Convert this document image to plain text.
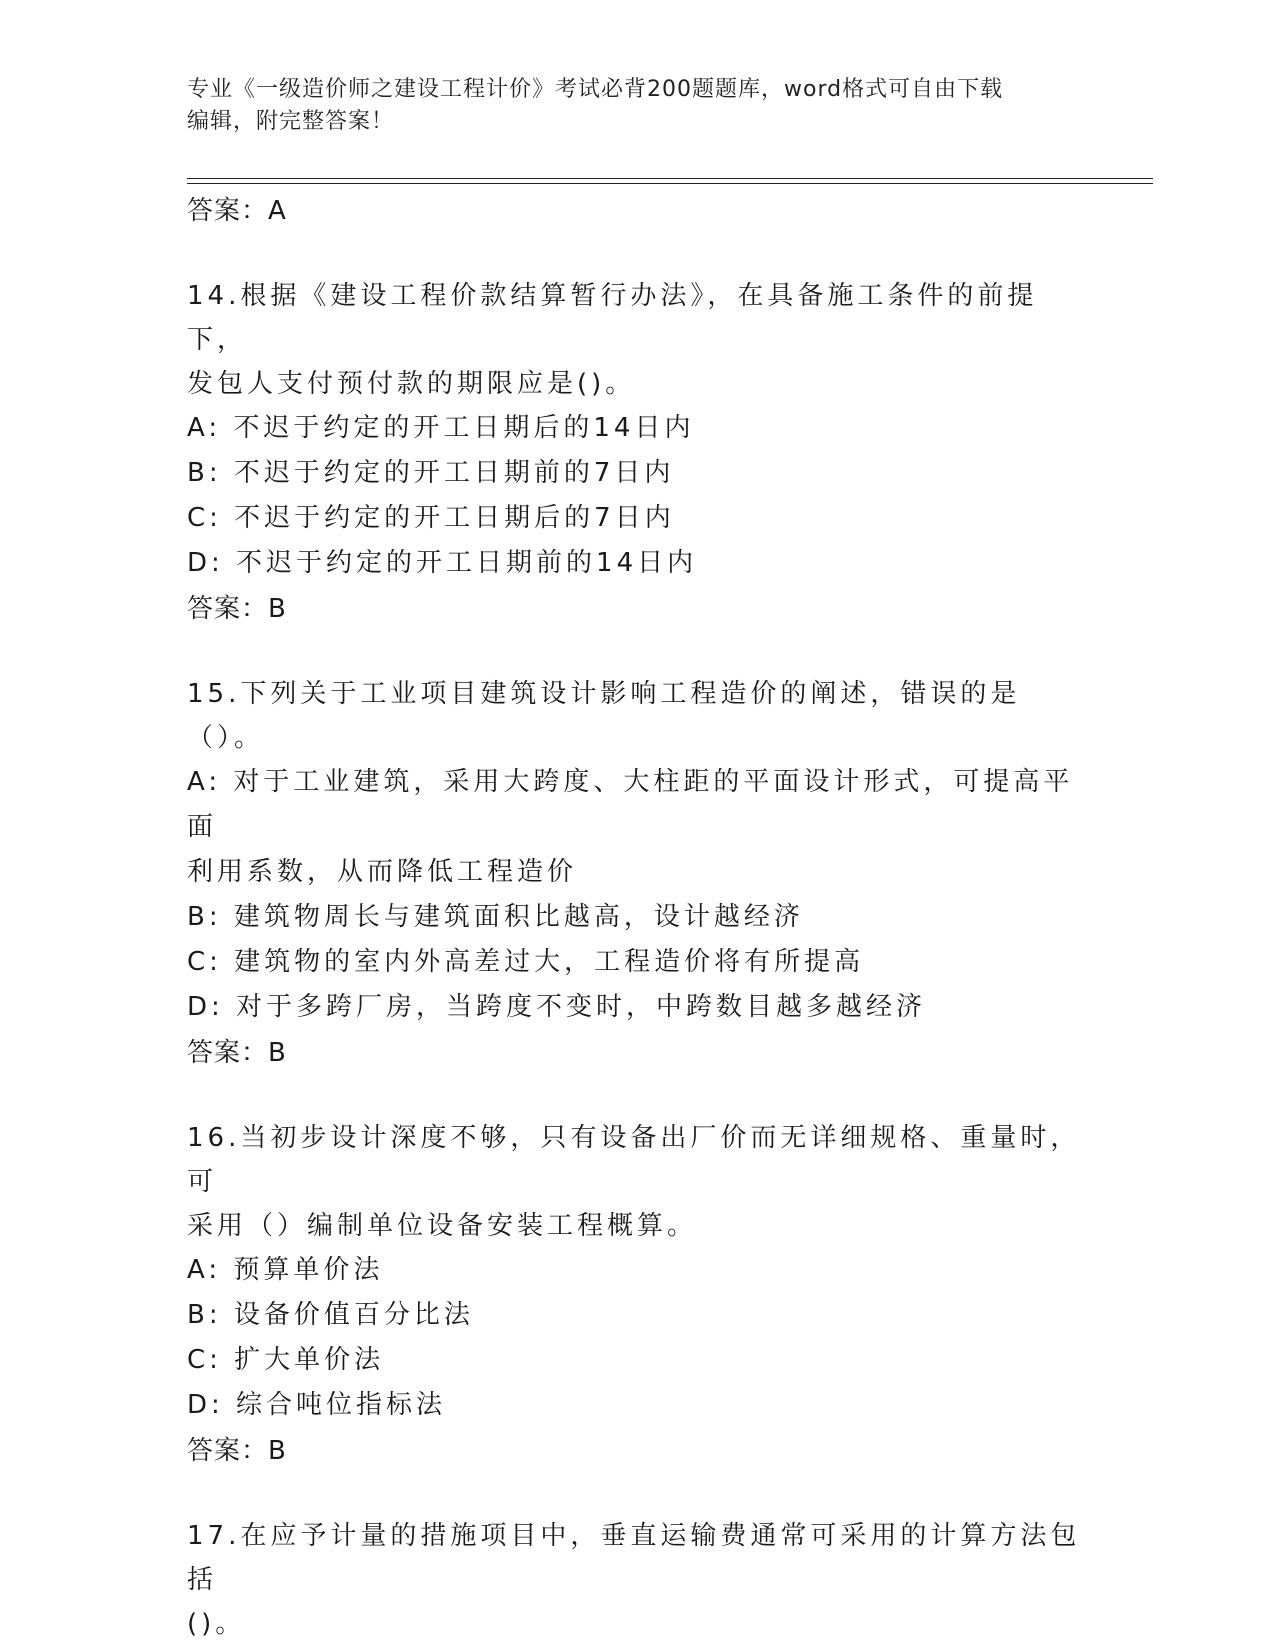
专业《一级造价师之建设工程计价》考试必背200题题库，word格式可自由下载
编辑，附完整答案！

答案：A

14.根据《建设工程价款结算暂行办法》，在具备施工条件的前提下，

发包人支付预付款的期限应是()。

A: 不迟于约定的开工日期后的14日内

B: 不迟于约定的开工日期前的7日内

C: 不迟于约定的开工日期后的7日内

D: 不迟于约定的开工日期前的14日内

答案：B

15.下列关于工业项目建筑设计影响工程造价的阐述，错误的是（）。

A: 对于工业建筑，采用大跨度、大柱距的平面设计形式，可提高平面

利用系数，从而降低工程造价

B: 建筑物周长与建筑面积比越高，设计越经济

C: 建筑物的室内外高差过大，工程造价将有所提高

D: 对于多跨厂房，当跨度不变时，中跨数目越多越经济

答案：B

16.当初步设计深度不够，只有设备出厂价而无详细规格、重量时，可

采用（）编制单位设备安装工程概算。

A: 预算单价法

B: 设备价值百分比法

C: 扩大单价法

D: 综合吨位指标法

答案：B

17.在应予计量的措施项目中，垂直运输费通常可采用的计算方法包括

()。
